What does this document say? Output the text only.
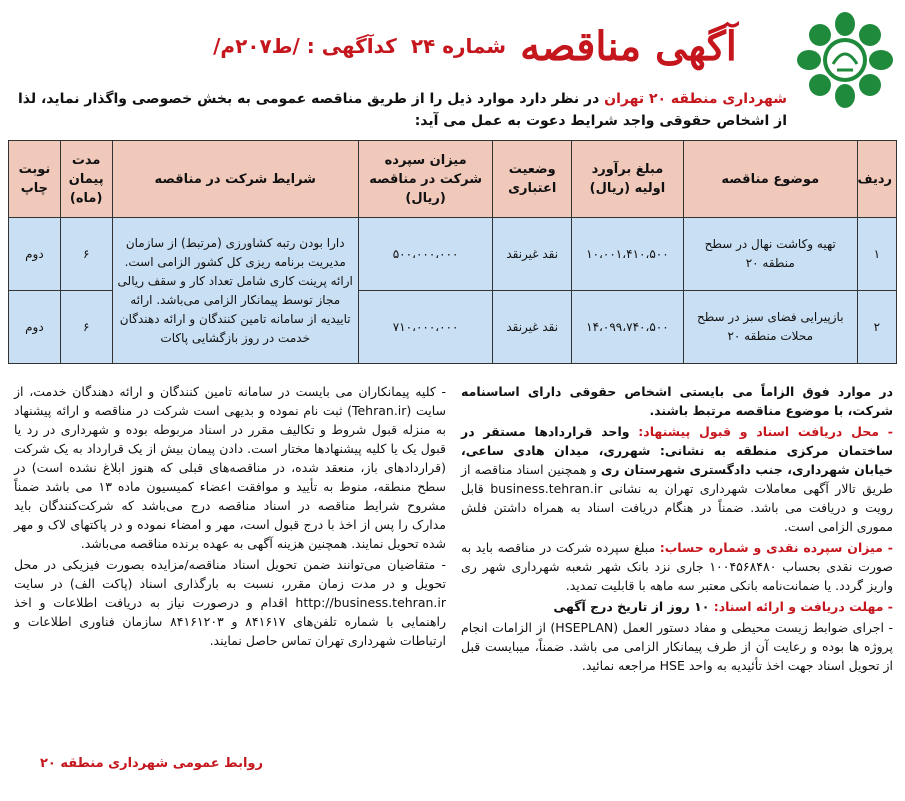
آگهی مناقصه
شماره ۲۴
کدآگهی : /ط۲۰۷م/
شهرداری منطقه ۲۰ تهران در نظر دارد موارد ذیل را از طریق مناقصه عمومی به بخش خصوصی واگذار نماید، لذا از اشخاص حقوقی واجد شرایط دعوت به عمل می آید:
ردیف	موضوع مناقصه	مبلغ برآورد اولیه (ریال)	وضعیت اعتباری	میزان سپرده شرکت در مناقصه (ریال)	شرایط شرکت در مناقصه	مدت پیمان (ماه)	نوبت چاپ
۱	تهیه وکاشت نهال در سطح منطقه ۲۰	۱۰،۰۰۱،۴۱۰،۵۰۰	نقد غیرنقد	۵۰۰،۰۰۰،۰۰۰	دارا بودن رتبه کشاورزی (مرتبط) از سازمان مدیریت برنامه ریزی کل کشور الزامی است. ارائه پرینت کاری شامل تعداد کار و سقف ریالی مجاز توسط پیمانکار الزامی می‌باشد. ارائه تاییدیه از سامانه تامین کنندگان و ارائه دهندگان خدمت در روز بازگشایی پاکات	۶	دوم
۲	بازپیرایی فضای سبز در سطح محلات منطقه ۲۰	۱۴،۰۹۹،۷۴۰،۵۰۰	نقد غیرنقد	۷۱۰،۰۰۰،۰۰۰		۶	دوم

در موارد فوق الزاماً می بایستی اشخاص حقوقی دارای اساسنامه شرکت، با موضوع مناقصه مرتبط باشند.

- محل دریافت اسناد و قبول پیشنهاد: واحد قراردادها مستقر در ساختمان مرکزی منطقه به نشانی: شهرری، میدان هادی ساعی، خیابان شهرداری، جنب دادگستری شهرستان ری و همچنین اسناد مناقصه از طریق تالار آگهی معاملات شهرداری تهران به نشانی business.tehran.ir قابل رویت و دریافت می باشد. ضمناً در هنگام دریافت اسناد به همراه داشتن فلش مموری الزامی است.

- میزان سپرده نقدی و شماره حساب: مبلغ سپرده شرکت در مناقصه باید به صورت نقدی بحساب ۱۰۰۴۵۶۸۴۸۰ جاری نزد بانک شهر شعبه شهرداری شهر ری واریز گردد. یا ضمانت‌نامه بانکی معتبر سه ماهه با قابلیت تمدید.

- مهلت دریافت و ارائه اسناد: ۱۰ روز از تاریخ درج آگهی

- اجرای ضوابط زیست محیطی و مفاد دستور العمل (HSEPLAN) از الزامات انجام پروژه ها بوده و رعایت آن از طرف پیمانکار الزامی می باشد. ضمناً، میبایست قبل از تحویل اسناد جهت اخذ تأئیدیه به واحد HSE مراجعه نمائید.

- کلیه پیمانکاران می بایست در سامانه تامین کنندگان و ارائه دهندگان خدمت، از سایت (Tehran.ir) ثبت نام نموده و بدیهی است شرکت در مناقصه و ارائه پیشنهاد به منزله قبول شروط و تکالیف مقرر در اسناد مربوطه بوده و شهرداری در رد یا قبول یک یا کلیه پیشنهادها مختار است. دادن پیمان بیش از یک قرارداد به یک شرکت (قراردادهای باز، منعقد شده، در مناقصه‌های قبلی که هنوز ابلاغ نشده است) در سطح منطقه، منوط به تأیید و موافقت اعضاء کمیسیون ماده ۱۳ می باشد ضمناً مشروح شرایط مناقصه در اسناد مناقصه درج می‌باشد که شرکت‌کنندگان باید مدارک را پس از اخذ با درج قبول است، مهر و امضاء نموده و در پاکتهای لاک و مهر شده تحویل نمایند. همچنین هزینه آگهی به عهده برنده مناقصه می‌باشد.

- متقاضیان می‌توانند ضمن تحویل اسناد مناقصه/مزایده بصورت فیزیکی در محل تحویل و در مدت زمان مقرر، نسبت به بارگذاری اسناد (پاکت الف) در سایت http://business.tehran.ir اقدام و درصورت نیاز به دریافت اطلاعات و اخذ راهنمایی با شماره تلفن‌های ۸۴۱۶۱۷ و ۸۴۱۶۱۲۰۳ سازمان فناوری اطلاعات و ارتباطات شهرداری تهران تماس حاصل نمایند.

روابط عمومی شهرداری منطقه ۲۰
